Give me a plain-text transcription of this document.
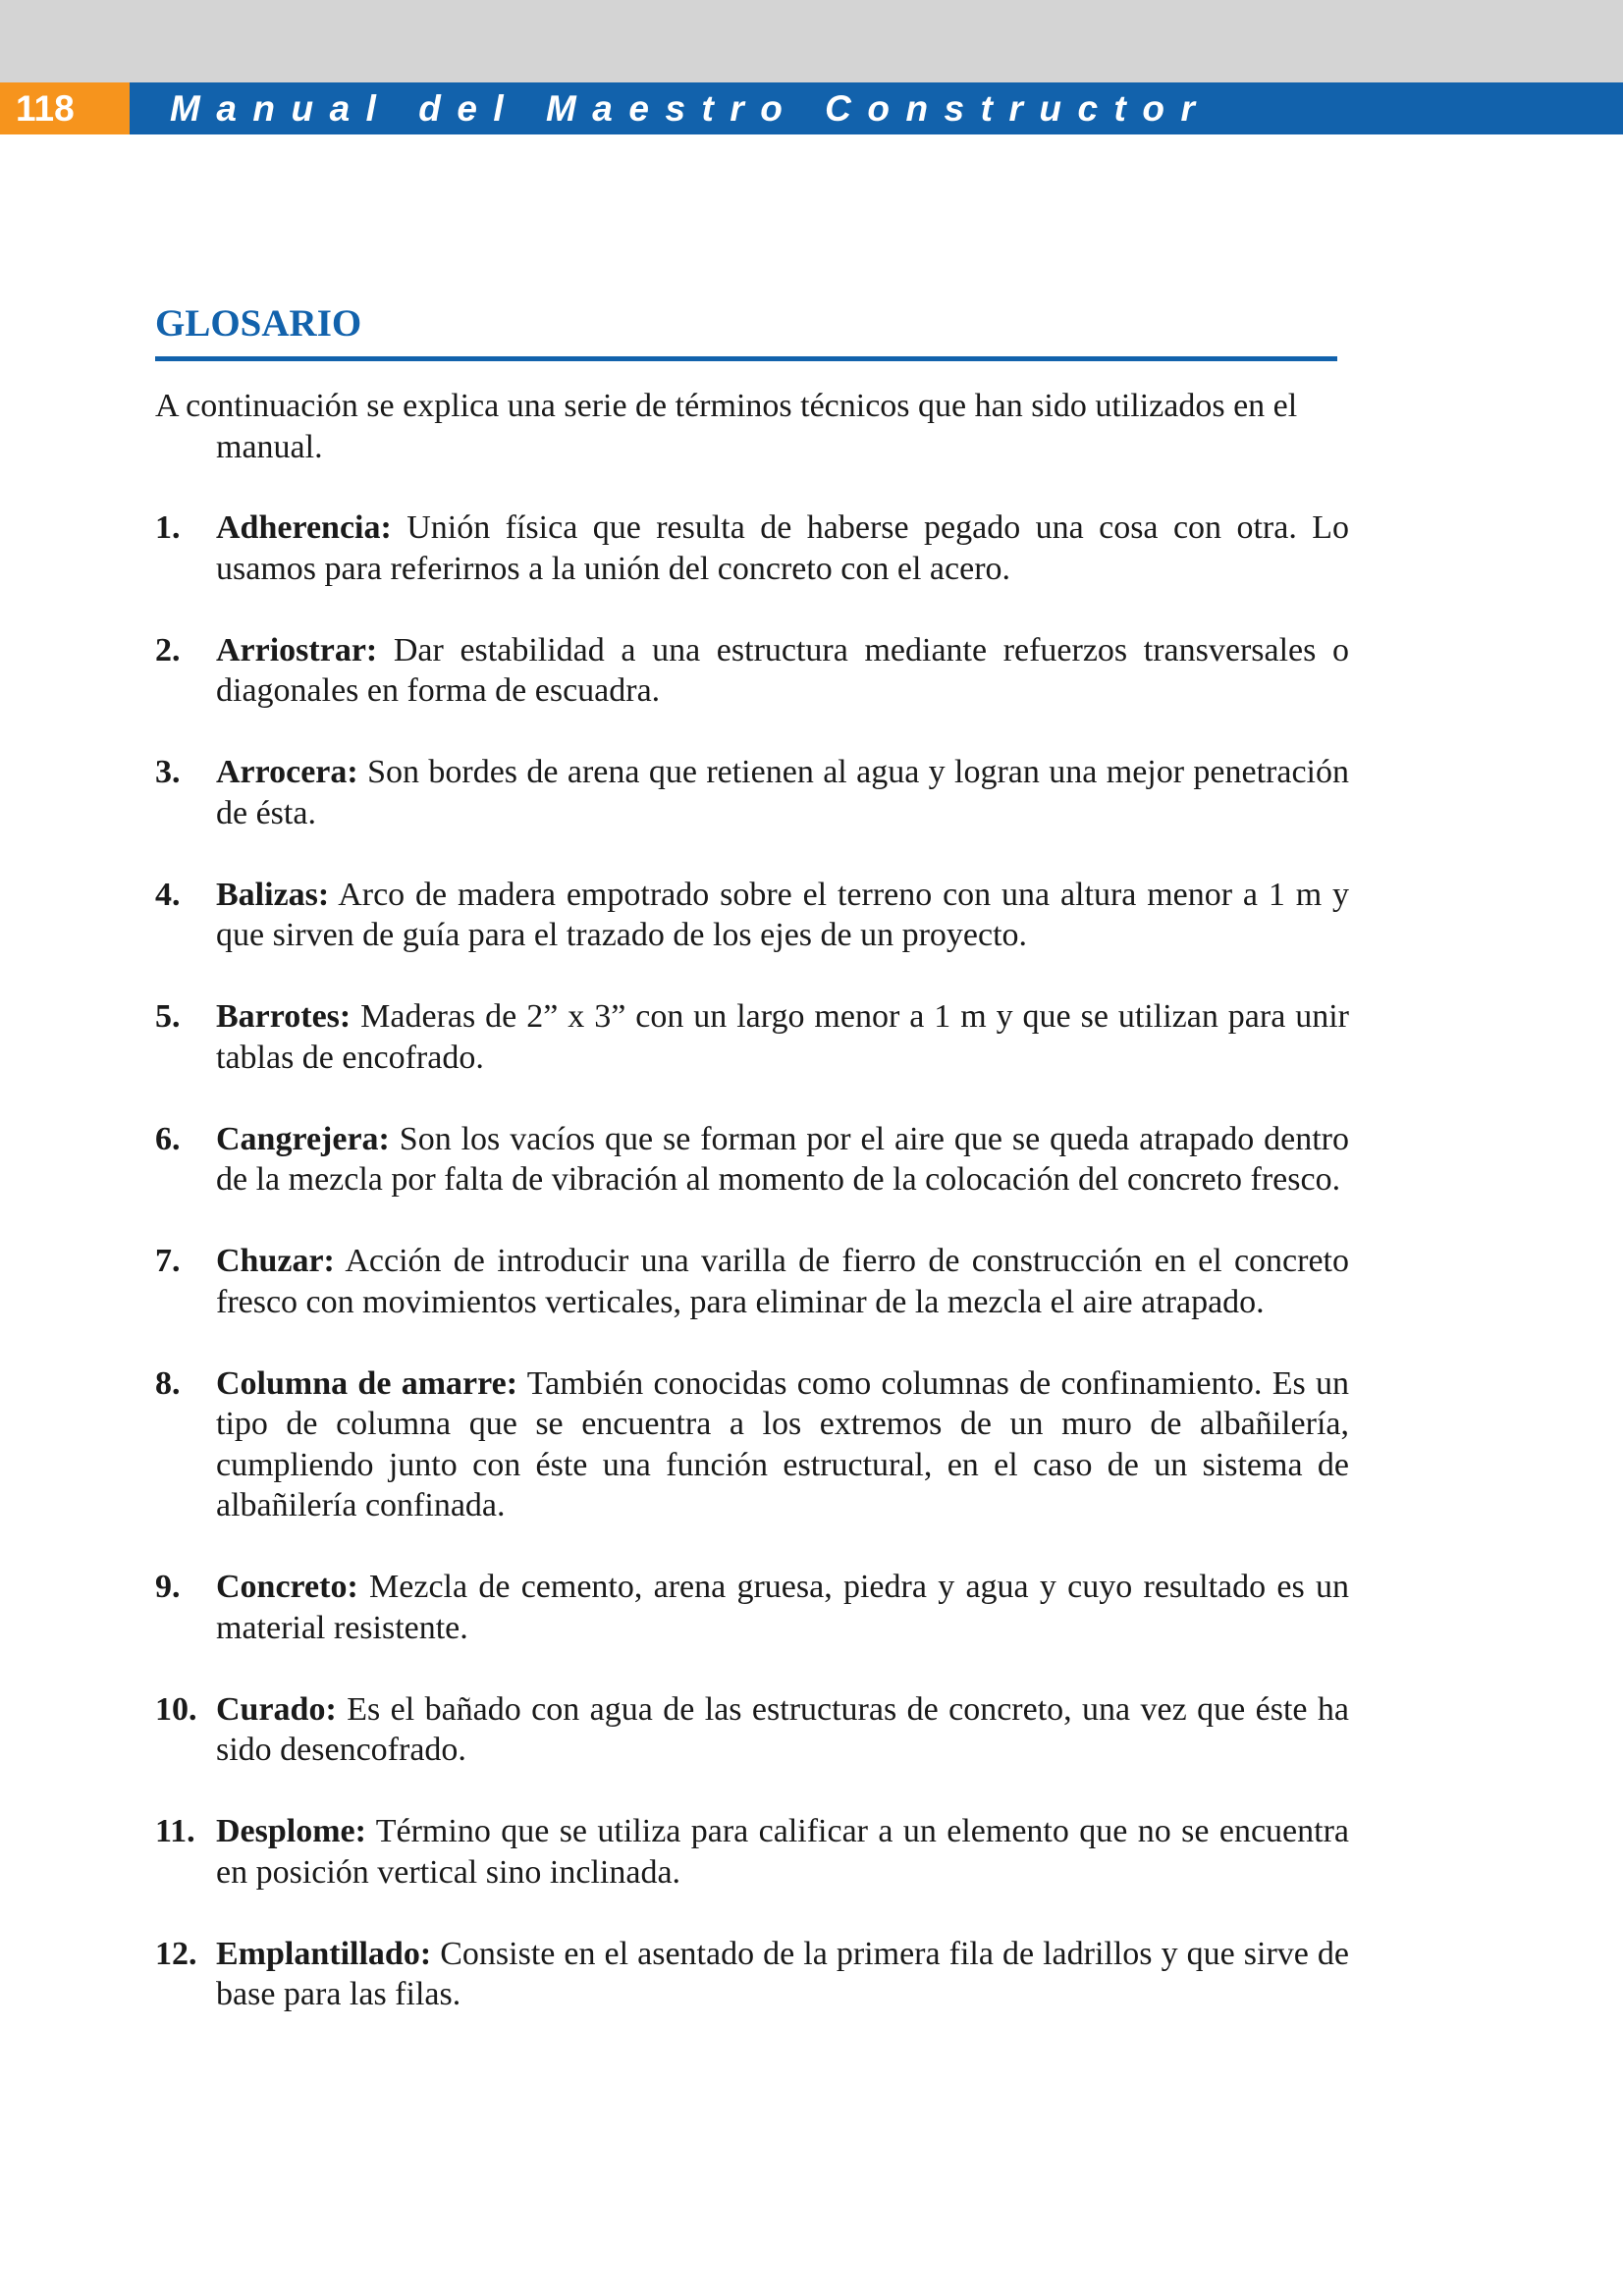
118	Manual del Maestro Constructor
GLOSARIO

A continuación se explica una serie de términos técnicos que han sido utilizados en el manual.

1. Adherencia: Unión física que resulta de haberse pegado una cosa con otra. Lo usamos para referirnos a la unión del concreto con el acero.
2. Arriostrar: Dar estabilidad a una estructura mediante refuerzos transversales o diagonales en forma de escuadra.
3. Arrocera: Son bordes de arena que retienen al agua y logran una mejor penetración de ésta.
4. Balizas: Arco de madera empotrado sobre el terreno con una altura menor a 1 m y que sirven de guía para el trazado de los ejes de un proyecto.
5. Barrotes: Maderas de 2” x 3” con un largo menor a 1 m y que se utilizan para unir tablas de encofrado.
6. Cangrejera: Son los vacíos que se forman por el aire que se queda atrapado dentro de la mezcla por falta de vibración al momento de la colocación del concreto fresco.
7. Chuzar: Acción de introducir una varilla de fierro de construcción en el concreto fresco con movimientos verticales, para eliminar de la mezcla el aire atrapado.
8. Columna de amarre: También conocidas como columnas de confinamiento. Es un tipo de columna que se encuentra a los extremos de un muro de albañilería, cumpliendo junto con éste una función estructural, en el caso de un sistema de albañilería confinada.
9. Concreto: Mezcla de cemento, arena gruesa, piedra y agua y cuyo resultado es un material resistente.
10. Curado: Es el bañado con agua de las estructuras de concreto, una vez que éste ha sido desencofrado.
11. Desplome: Término que se utiliza para calificar a un elemento que no se encuentra en posición vertical sino inclinada.
12. Emplantillado: Consiste en el asentado de la primera fila de ladrillos y que sirve de base para las filas.
